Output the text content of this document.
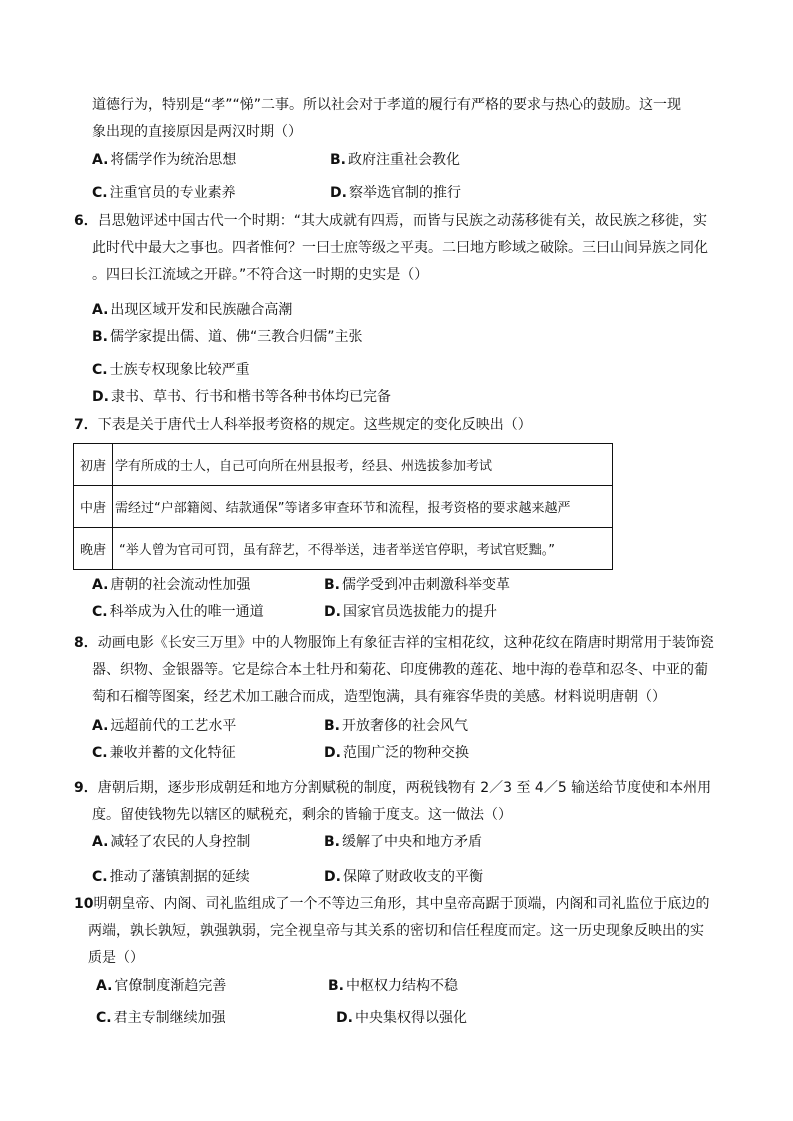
道德行为，特别是“孝”“悌”二事。所以社会对于孝道的履行有严格的要求与热心的鼓励。这一现
象出现的直接原因是两汉时期（）
A. 将儒学作为统治思想	B. 政府注重社会教化
C. 注重官员的专业素养	D. 察举选官制的推行
6．吕思勉评述中国古代一个时期：“其大成就有四焉，而皆与民族之动荡移徙有关，故民族之移徙，实
此时代中最大之事也。四者惟何？一曰士庶等级之平夷。二曰地方畛域之破除。三曰山间异族之同化
。四曰长江流域之开辟。”不符合这一时期的史实是（）
A. 出现区域开发和民族融合高潮
B. 儒学家提出儒、道、佛“三教合归儒”主张
C. 士族专权现象比较严重
D. 隶书、草书、行书和楷书等各种书体均已完备
7．下表是关于唐代士人科举报考资格的规定。这些规定的变化反映出（）
初唐	学有所成的士人，自己可向所在州县报考，经县、州选拔参加考试
中唐	需经过“户部籍阅、结款通保”等诸多审查环节和流程，报考资格的要求越来越严
晚唐	“举人曾为官司可罚，虽有辞艺，不得举送，违者举送官停职，考试官贬黜。”
A. 唐朝的社会流动性加强	B. 儒学受到冲击刺激科举变革
C. 科举成为入仕的唯一通道	D. 国家官员选拔能力的提升
8．动画电影《长安三万里》中的人物服饰上有象征吉祥的宝相花纹，这种花纹在隋唐时期常用于装饰瓷
器、织物、金银器等。它是综合本土牡丹和菊花、印度佛教的莲花、地中海的卷草和忍冬、中亚的葡
萄和石榴等图案，经艺术加工融合而成，造型饱满，具有雍容华贵的美感。材料说明唐朝（）
A. 远超前代的工艺水平	B. 开放奢侈的社会风气
C. 兼收并蓄的文化特征	D. 范围广泛的物种交换
9．唐朝后期，逐步形成朝廷和地方分割赋税的制度，两税钱物有 2／3 至 4／5 输送给节度使和本州用
度。留使钱物先以辖区的赋税充，剩余的皆输于度支。这一做法（）
A. 减轻了农民的人身控制	B. 缓解了中央和地方矛盾
C. 推动了藩镇割据的延续	D. 保障了财政收支的平衡
10明朝皇帝、内阁、司礼监组成了一个不等边三角形，其中皇帝高踞于顶端，内阁和司礼监位于底边的
两端，孰长孰短，孰强孰弱，完全视皇帝与其关系的密切和信任程度而定。这一历史现象反映出的实
质是（）
A. 官僚制度渐趋完善	B. 中枢权力结构不稳
C. 君主专制继续加强	D. 中央集权得以强化
